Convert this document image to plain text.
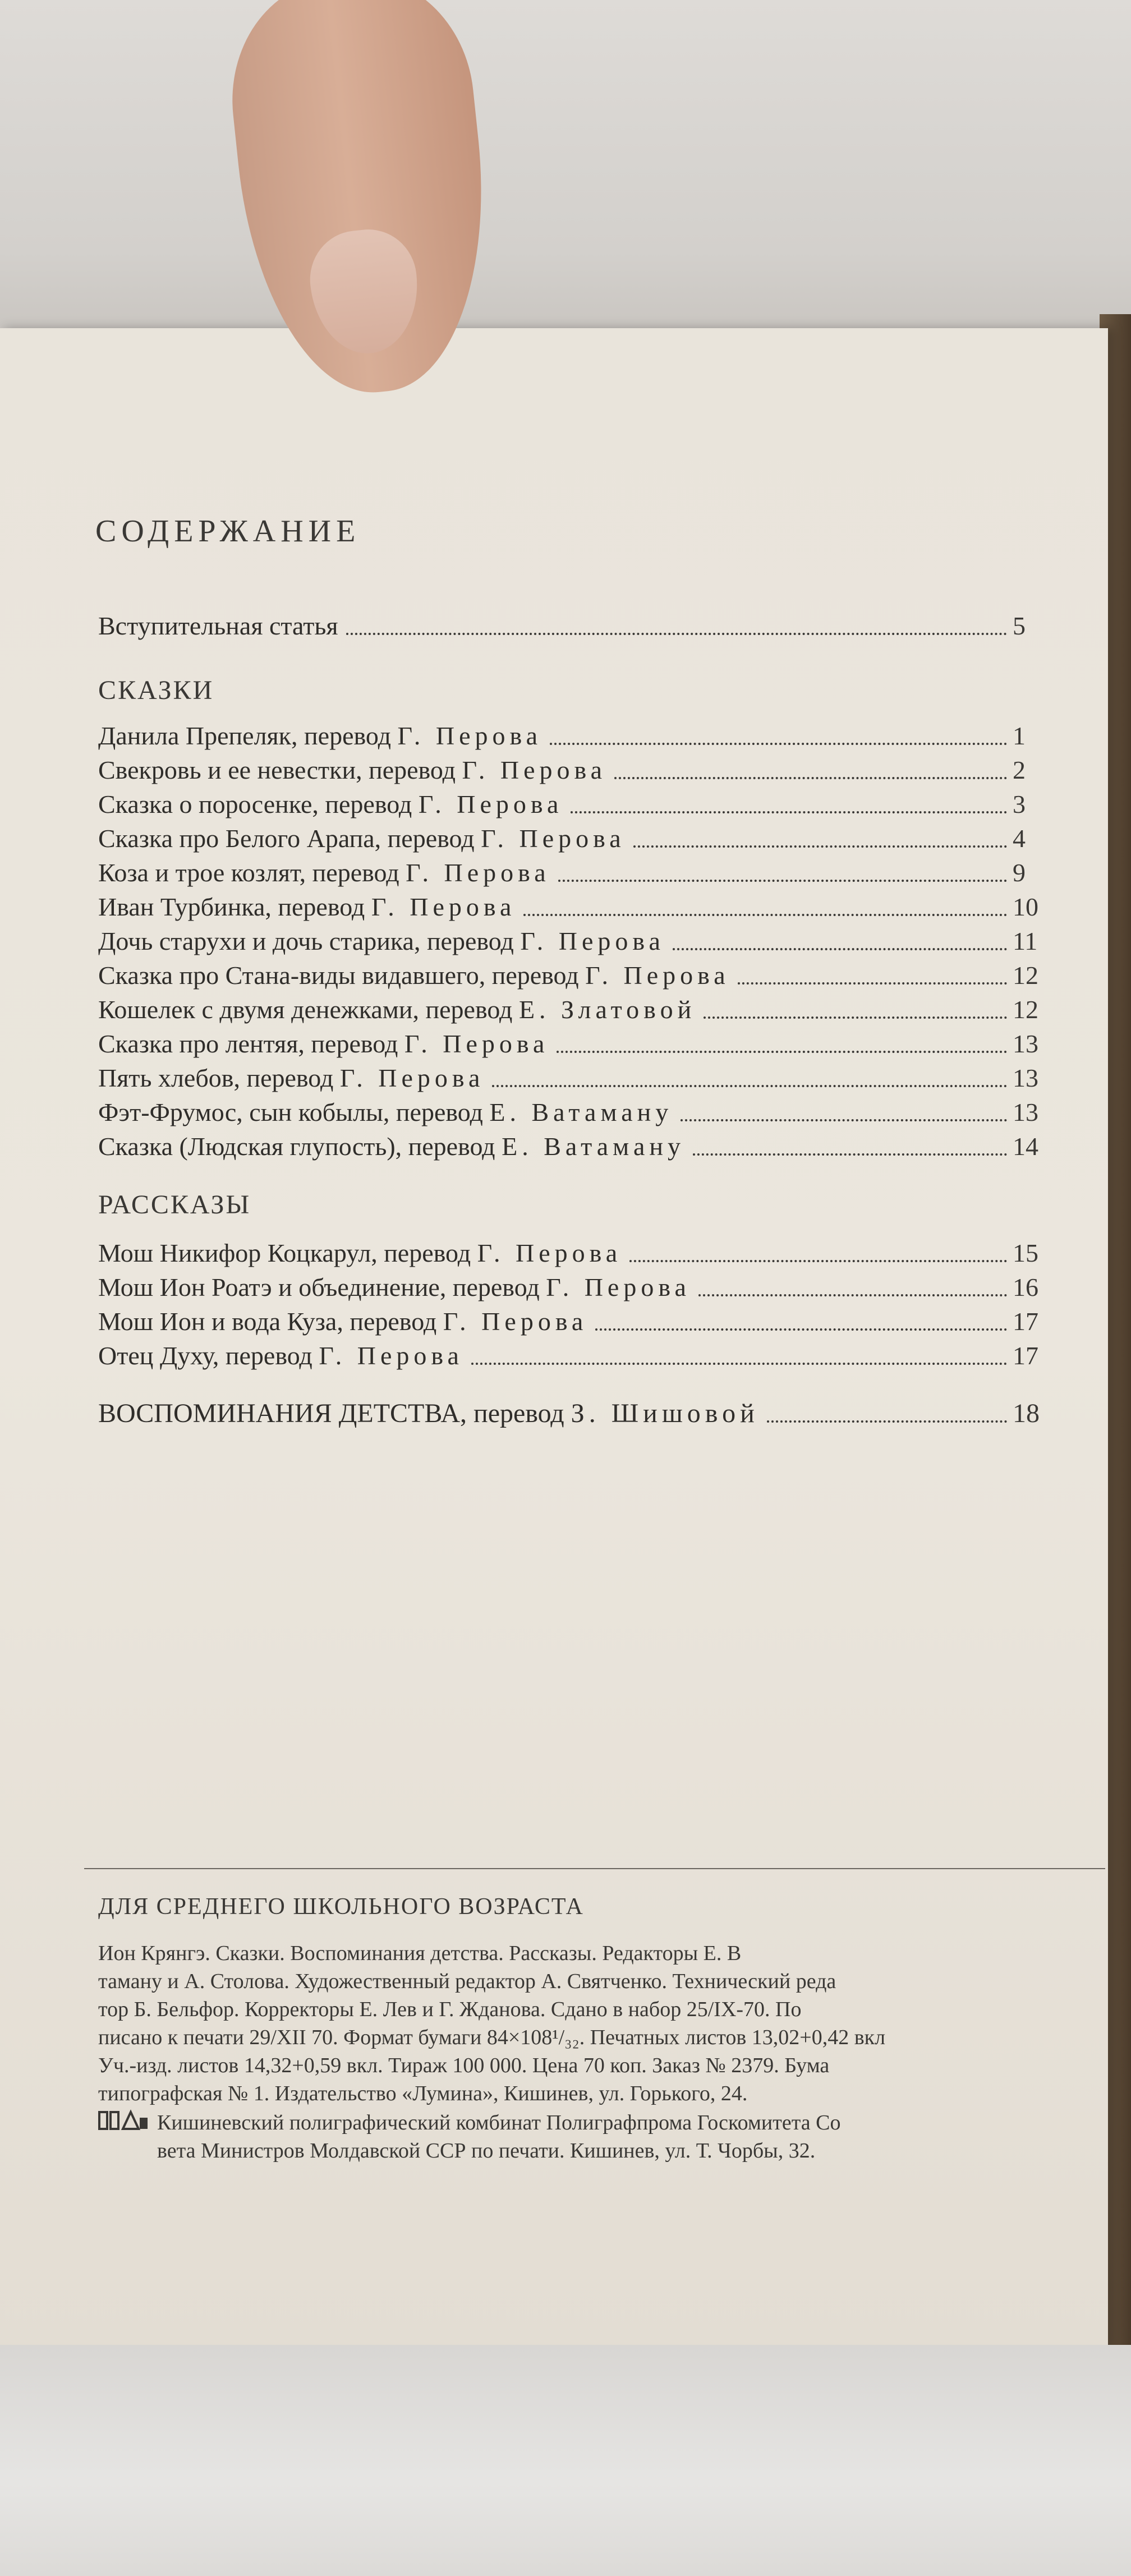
СОДЕРЖАНИЕ
Вступительная статья	5
СКАЗКИ
Данила Препеляк, перевод Г. Перова	1
Свекровь и ее невестки, перевод Г. Перова	2
Сказка о поросенке, перевод Г. Перова	3
Сказка про Белого Арапа, перевод Г. Перова	4
Коза и трое козлят, перевод Г. Перова	9
Иван Турбинка, перевод Г. Перова	10
Дочь старухи и дочь старика, перевод Г. Перова	11
Сказка про Стана-виды видавшего, перевод Г. Перова	12
Кошелек с двумя денежками, перевод Е. Златовой	12
Сказка про лентяя, перевод Г. Перова	13
Пять хлебов, перевод Г. Перова	13
Фэт-Фрумос, сын кобылы, перевод Е. Ватаману	13
Сказка (Людская глупость), перевод Е. Ватаману	14
РАССКАЗЫ
Мош Никифор Коцкарул, перевод Г. Перова	15
Мош Ион Роатэ и объединение, перевод Г. Перова	16
Мош Ион и вода Куза, перевод Г. Перова	17
Отец Духу, перевод Г. Перова	17
ВОСПОМИНАНИЯ ДЕТСТВА, перевод З. Шишовой	18
ДЛЯ СРЕДНЕГО ШКОЛЬНОГО ВОЗРАСТА
Ион Крянгэ. Сказки. Воспоминания детства. Рассказы. Редакторы Е. В
таману и А. Столова. Художественный редактор А. Святченко. Технический реда
тор Б. Бельфор. Корректоры Е. Лев и Г. Жданова. Сдано в набор 25/IX-70. По
писано к печати 29/XII 70. Формат бумаги 84×108¹/₃₂. Печатных листов 13,02+0,42 вкл
Уч.-изд. листов 14,32+0,59 вкл. Тираж 100 000. Цена 70 коп. Заказ № 2379. Бума
типографская № 1. Издательство «Лумина», Кишинев, ул. Горького, 24.
Кишиневский полиграфический комбинат Полиграфпрома Госкомитета Со
вета Министров Молдавской ССР по печати. Кишинев, ул. Т. Чорбы, 32.
